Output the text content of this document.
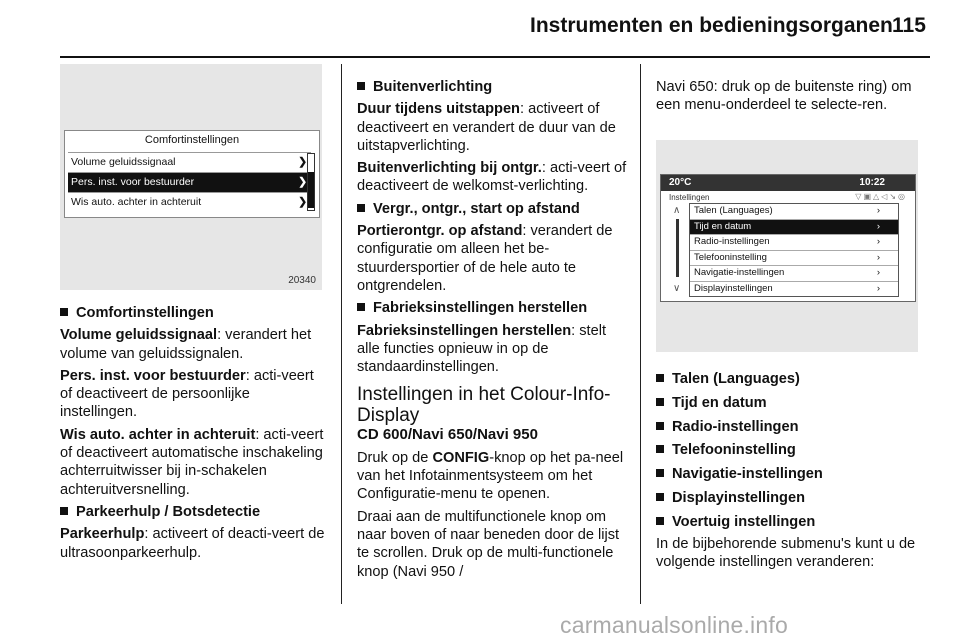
Instrumenten en bedieningsorganen 115
Comfortinstellingen
Volume geluidssignaal	❯
Pers. inst. voor bestuurder	❯
Wis auto. achter in achteruit	❯
20340

Comfortinstellingen

Volume geluidssignaal: verandert het volume van geluidssignalen.

Pers. inst. voor bestuurder: acti-veert of deactiveert de persoonlijke instellingen.

Wis auto. achter in achteruit: acti-veert of deactiveert automatische inschakeling achterruitwisser bij in-schakelen achteruitversnelling.

Parkeerhulp / Botsdetectie

Parkeerhulp: activeert of deacti-veert de ultrasoonparkeerhulp.

Buitenverlichting

Duur tijdens uitstappen: activeert of deactiveert en verandert de duur van de uitstapverlichting.

Buitenverlichting bij ontgr.: acti-veert of deactiveert de welkomst-verlichting.

Vergr., ontgr., start op afstand

Portierontgr. op afstand: verandert de configuratie om alleen het be-stuurdersportier of de hele auto te ontgrendelen.

Fabrieksinstellingen herstellen

Fabrieksinstellingen herstellen: stelt alle functies opnieuw in op de standaardinstellingen.

Instellingen in het Colour-Info-Display

CD 600/Navi 650/Navi 950

Druk op de CONFIG-knop op het pa-neel van het Infotainmentsysteem om het Configuratie-menu te openen.

Draai aan de multifunctionele knop om naar boven of naar beneden door de lijst te scrollen. Druk op de multi-functionele knop (Navi 950 /

Navi 650: druk op de buitenste ring) om een menu-onderdeel te selecte-ren.

20°C	10:22
Instellingen	▽▣△◁↘◎
∧
∨
Talen (Languages)	›
Tijd en datum	›
Radio-instellingen	›
Telefooninstelling	›
Navigatie-instellingen	›
Displayinstellingen	›

Talen (Languages)

Tijd en datum

Radio-instellingen

Telefooninstelling

Navigatie-instellingen

Displayinstellingen

Voertuig instellingen

In de bijbehorende submenu's kunt u de volgende instellingen veranderen:

carmanualsonline.info
